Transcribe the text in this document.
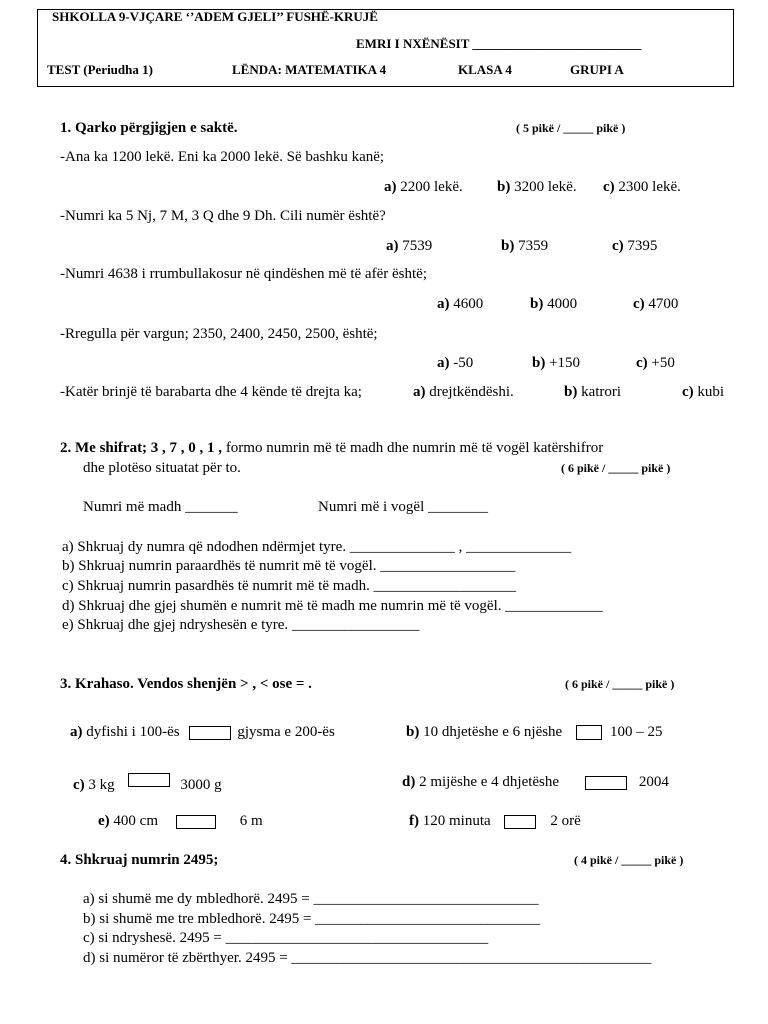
SHKOLLA 9-VJÇARE ‘’ADEM GJELI’’ FUSHË-KRUJË
EMRI I NXËNËSIT __________________________
TEST (Periudha 1)	LËNDA: MATEMATIKA 4	KLASA 4	GRUPI A
1. Qarko përgjigjen e saktë.	( 5 pikë / _____ pikë )
-Ana ka 1200 lekë. Eni ka 2000 lekë. Së bashku kanë;
a) 2200 lekë. b) 3200 lekë. c) 2300 lekë.
-Numri ka 5 Nj, 7 M, 3 Q dhe 9 Dh. Cili numër është?
a) 7539	b) 7359	c) 7395
-Numri 4638 i rrumbullakosur në qindëshen më të afër është;
a) 4600	b) 4000	c) 4700
-Rregulla për vargun; 2350, 2400, 2450, 2500, është;
a) -50	b) +150	c) +50
-Katër brinjë të barabarta dhe 4 kënde të drejta ka;	a) drejtkëndëshi.	b) katrori	c) kubi
2. Me shifrat; 3 , 7 , 0 , 1 , formo numrin më të madh dhe numrin më të vogël katërshifror
dhe plotëso situatat për to.	( 6 pikë / _____ pikë )
Numri më madh _______	Numri më i vogël ________
a) Shkruaj dy numra që ndodhen ndërmjet tyre. ______________ , ______________
b) Shkruaj numrin paraardhës të numrit më të vogël. __________________
c) Shkruaj numrin pasardhës të numrit më të madh. ___________________
d) Shkruaj dhe gjej shumën e numrit më të madh me numrin më të vogël. _____________
e) Shkruaj dhe gjej ndryshesën e tyre. _________________
3. Krahaso. Vendos shenjën > , < ose = .	( 6 pikë / _____ pikë )
a) dyfishi i 100-ës	gjysma e 200-ës	b) 10 dhjetëshe e 6 njëshe	100 – 25
c) 3 kg	3000 g	d) 2 mijëshe e 4 dhjetëshe	2004
e) 400 cm	6 m	f) 120 minuta	2 orë
4. Shkruaj numrin 2495;	( 4 pikë / _____ pikë )
a) si shumë me dy mbledhorë. 2495 = ______________________________
b) si shumë me tre mbledhorë. 2495 = ______________________________
c) si ndryshesë. 2495 = ___________________________________
d) si numëror të zbërthyer. 2495 = ________________________________________________
